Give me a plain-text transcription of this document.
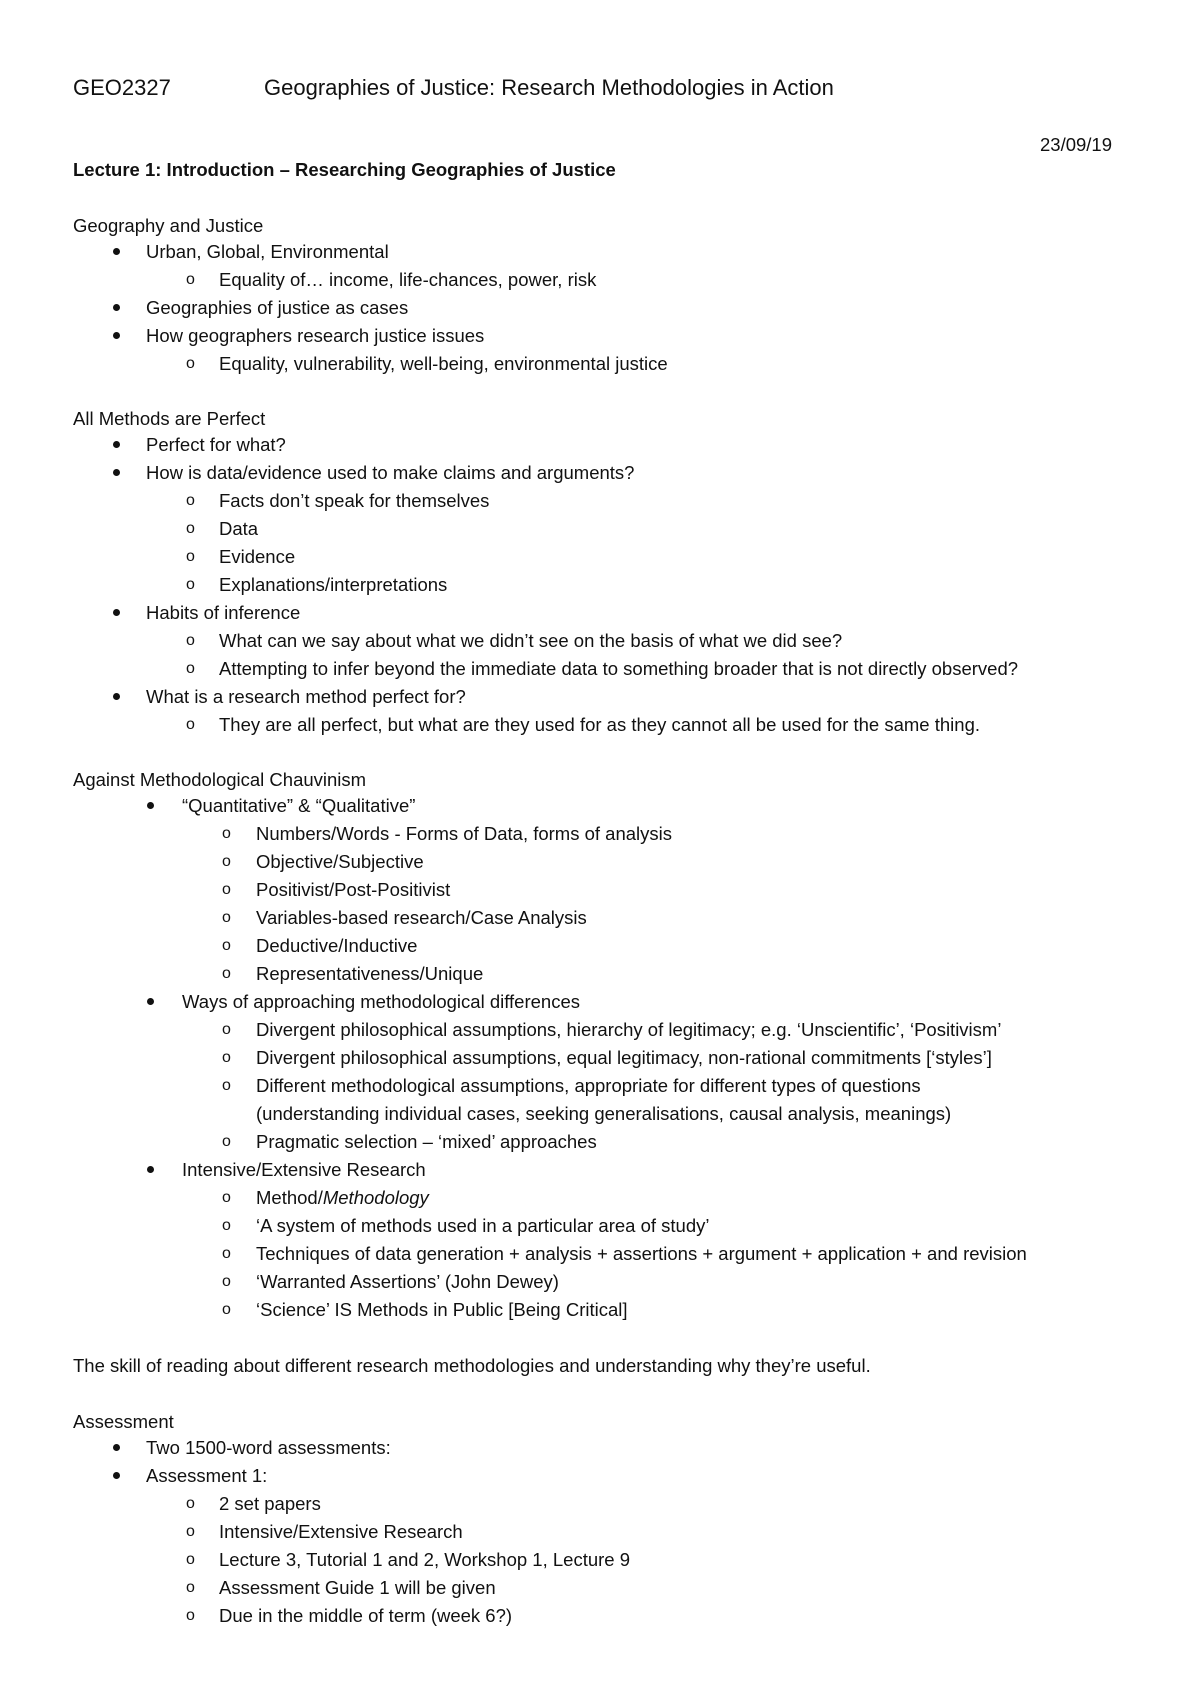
GEO2327	Geographies of Justice: Research Methodologies in Action
23/09/19
Lecture 1: Introduction – Researching Geographies of Justice
Geography and Justice
Urban, Global, Environmental
o Equality of… income, life-chances, power, risk
Geographies of justice as cases
How geographers research justice issues
o Equality, vulnerability, well-being, environmental justice
All Methods are Perfect
Perfect for what?
How is data/evidence used to make claims and arguments?
o Facts don’t speak for themselves
o Data
o Evidence
o Explanations/interpretations
Habits of inference
o What can we say about what we didn’t see on the basis of what we did see?
o Attempting to infer beyond the immediate data to something broader that is not directly observed?
What is a research method perfect for?
o They are all perfect, but what are they used for as they cannot all be used for the same thing.
Against Methodological Chauvinism
“Quantitative” & “Qualitative”
o Numbers/Words - Forms of Data, forms of analysis
o Objective/Subjective
o Positivist/Post-Positivist
o Variables-based research/Case Analysis
o Deductive/Inductive
o Representativeness/Unique
Ways of approaching methodological differences
o Divergent philosophical assumptions, hierarchy of legitimacy; e.g. ‘Unscientific’, ‘Positivism’
o Divergent philosophical assumptions, equal legitimacy, non-rational commitments [‘styles’]
o Different methodological assumptions, appropriate for different types of questions
(understanding individual cases, seeking generalisations, causal analysis, meanings)
o Pragmatic selection – ‘mixed’ approaches
Intensive/Extensive Research
o Method/Methodology
o ‘A system of methods used in a particular area of study’
o Techniques of data generation + analysis + assertions + argument + application + and revision
o ‘Warranted Assertions’ (John Dewey)
o ‘Science’ IS Methods in Public [Being Critical]
The skill of reading about different research methodologies and understanding why they’re useful.
Assessment
Two 1500-word assessments:
Assessment 1:
o 2 set papers
o Intensive/Extensive Research
o Lecture 3, Tutorial 1 and 2, Workshop 1, Lecture 9
o Assessment Guide 1 will be given
o Due in the middle of term (week 6?)
